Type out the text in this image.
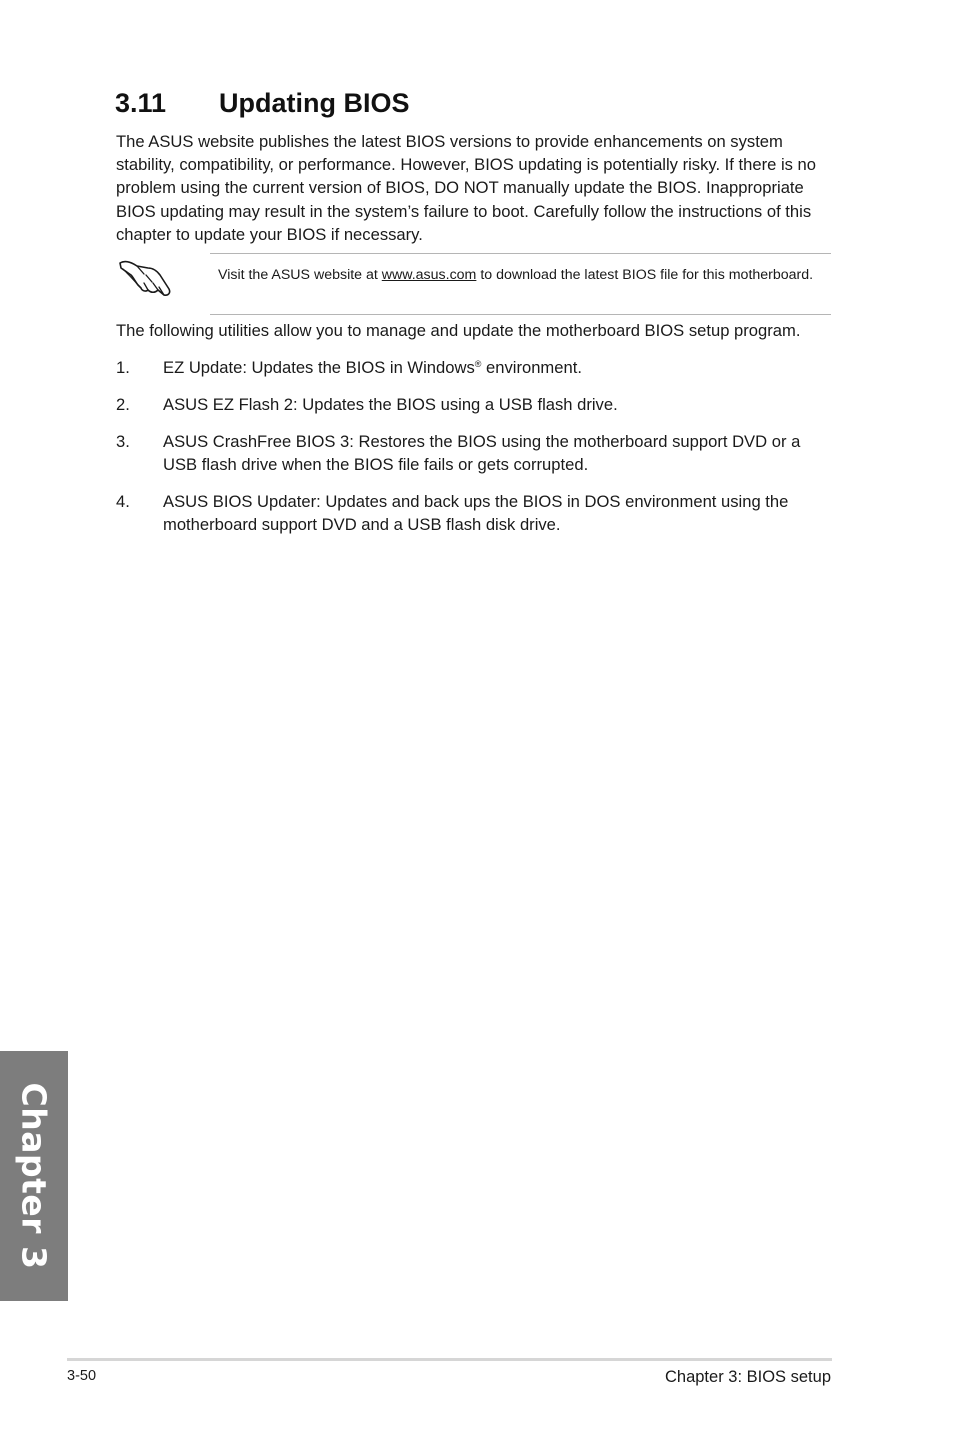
3.11	Updating BIOS

The ASUS website publishes the latest BIOS versions to provide enhancements on system stability, compatibility, or performance. However, BIOS updating is potentially risky. If there is no problem using the current version of BIOS, DO NOT manually update the BIOS. Inappropriate BIOS updating may result in the system’s failure to boot. Carefully follow the instructions of this chapter to update your BIOS if necessary.

Visit the ASUS website at www.asus.com to download the latest BIOS file for this motherboard.

The following utilities allow you to manage and update the motherboard BIOS setup program.

1. EZ Update: Updates the BIOS in Windows® environment.
2. ASUS EZ Flash 2: Updates the BIOS using a USB flash drive.
3. ASUS CrashFree BIOS 3: Restores the BIOS using the motherboard support DVD or a USB flash drive when the BIOS file fails or gets corrupted.
4. ASUS BIOS Updater: Updates and back ups the BIOS in DOS environment using the motherboard support DVD and a USB flash disk drive.
Chapter 3
3-50	Chapter 3: BIOS setup
